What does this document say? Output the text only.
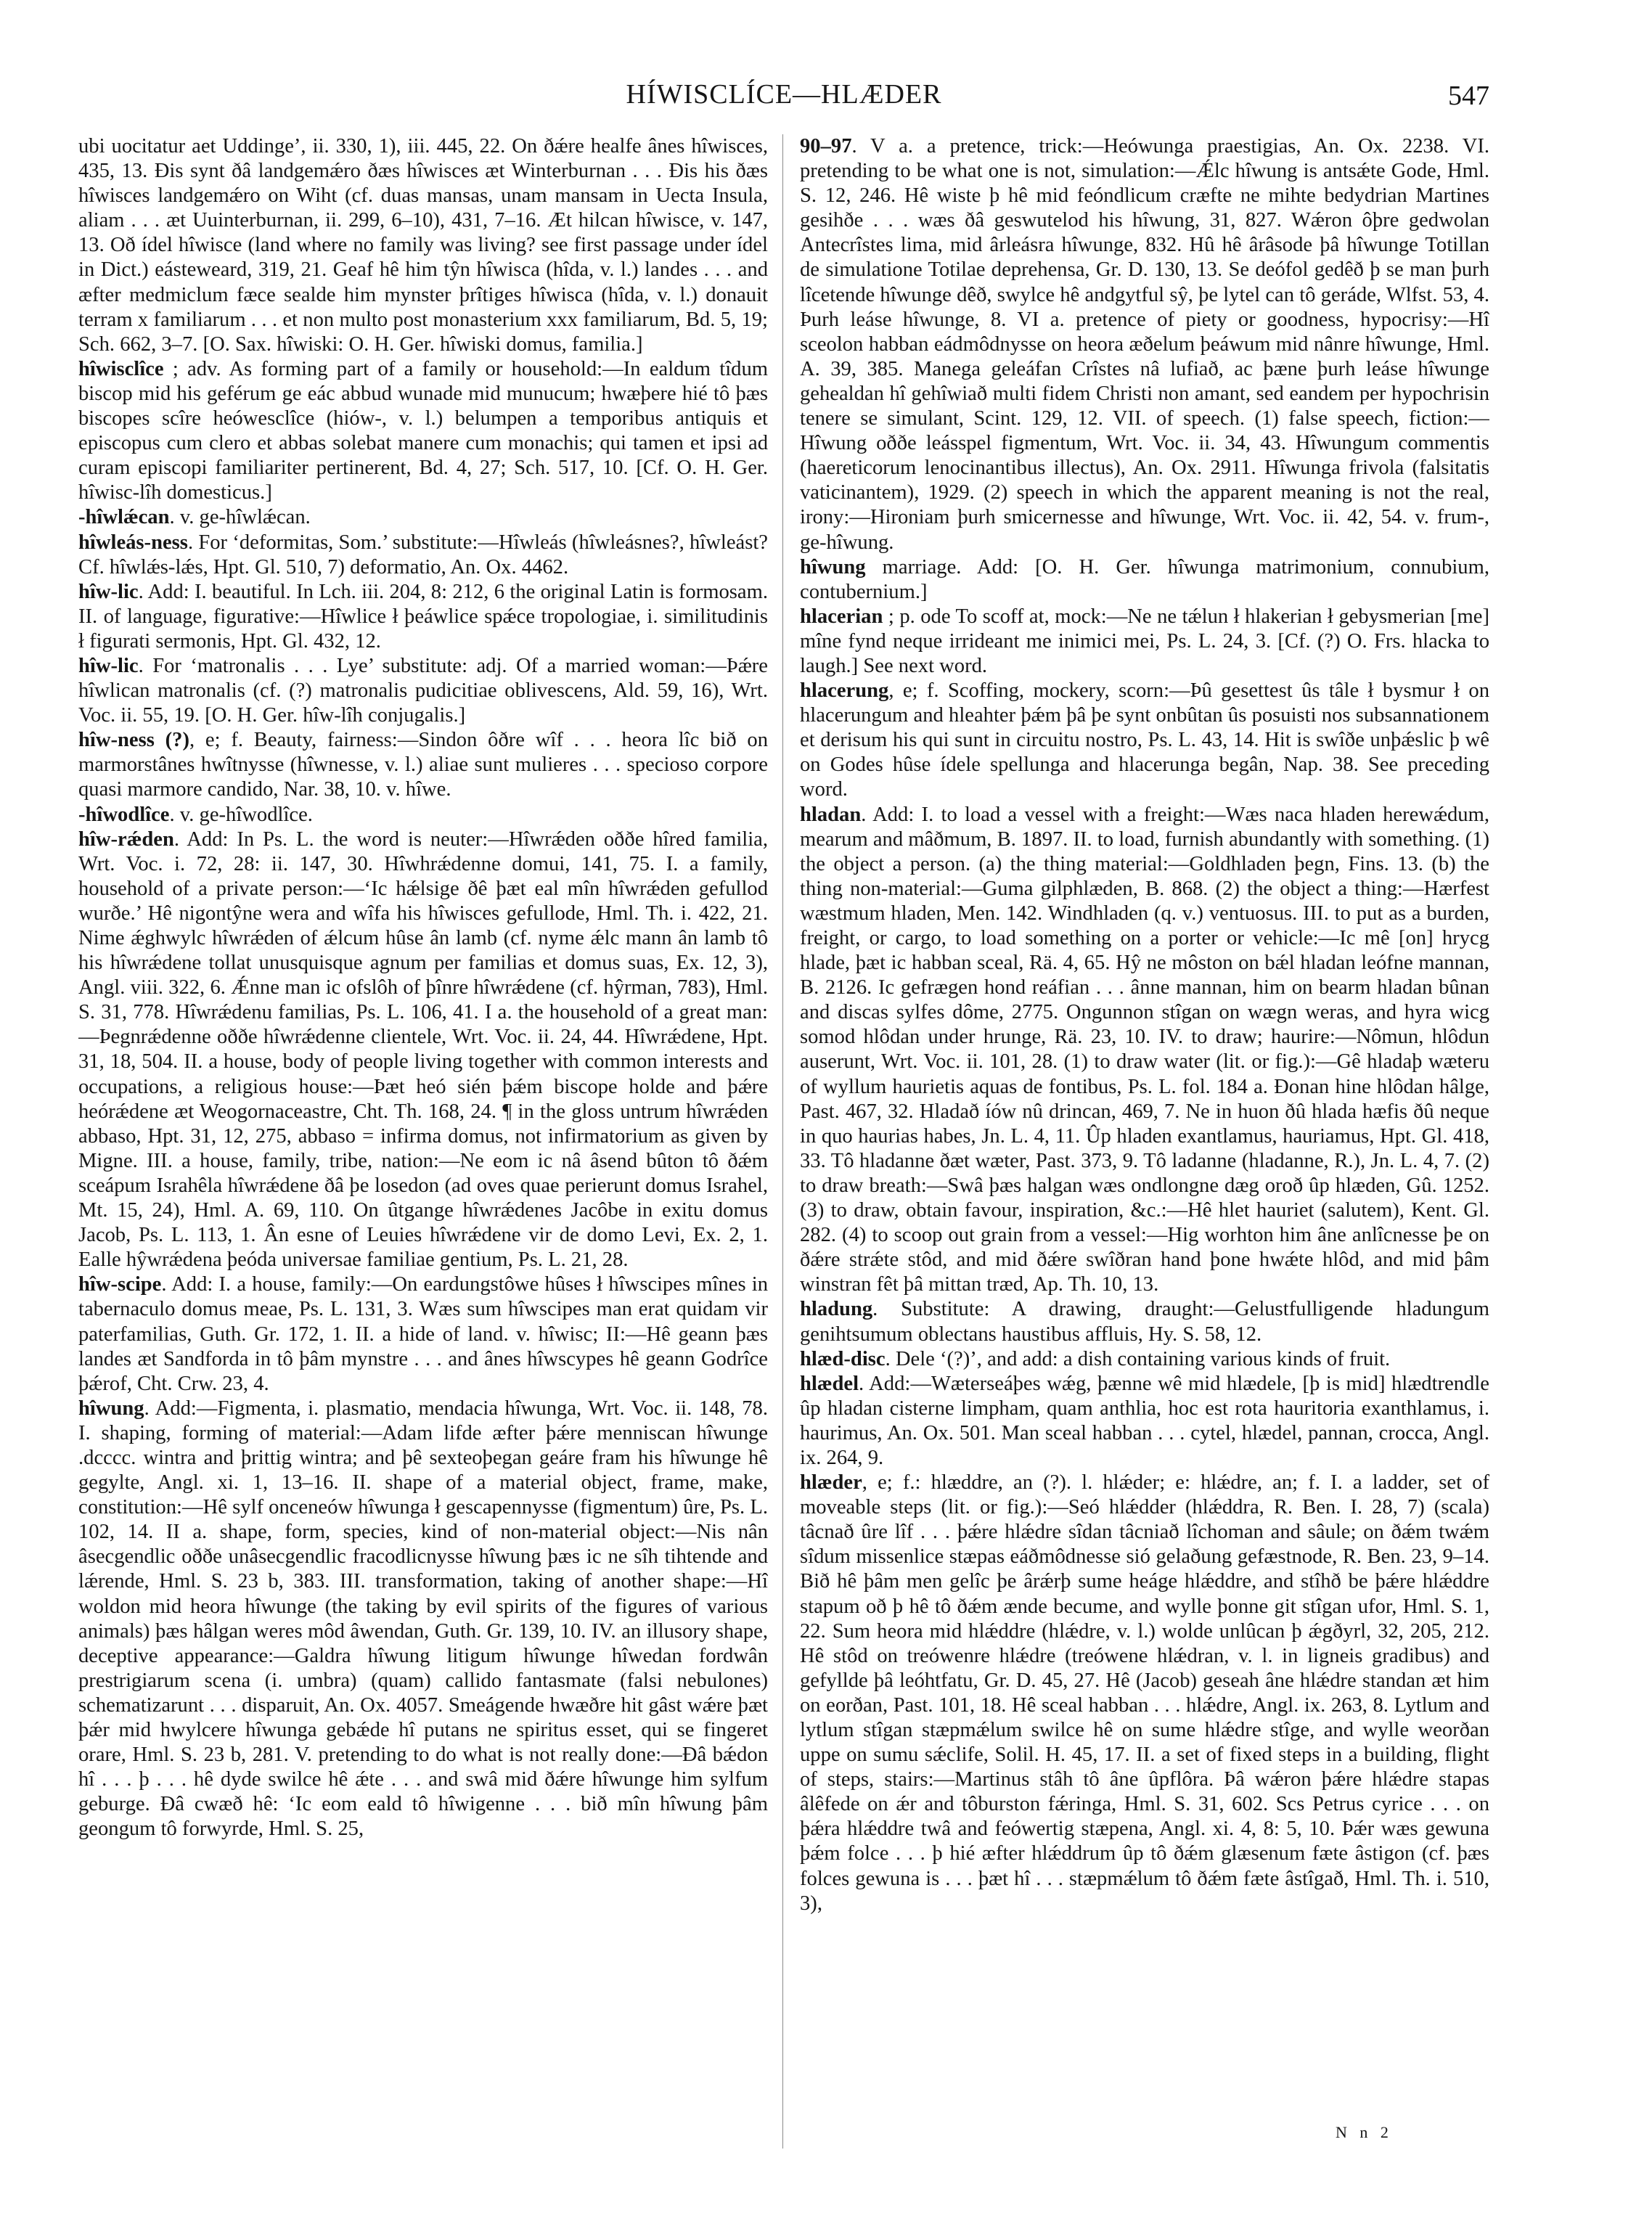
HÍWISCLÍCE—HLÆDER	547

ubi uocitatur aet Uddinge’, ii. 330, 1), iii. 445, 22. On ðǽre healfe ânes hîwisces, 435, 13. Ðis synt ðâ landgemǽro ðæs hîwisces æt Winterburnan . . . Ðis his ðæs hîwisces landgemǽro on Wiht (cf. duas mansas, unam mansam in Uecta Insula, aliam . . . æt Uuinterburnan, ii. 299, 6–10), 431, 7–16. Æt hilcan hîwisce, v. 147, 13. Oð ídel hîwisce (land where no family was living? see first passage under ídel in Dict.) eásteweard, 319, 21. Geaf hê him tŷn hîwisca (hîda, v. l.) landes . . . and æfter medmiclum fæce sealde him mynster þrîtiges hîwisca (hîda, v. l.) donauit terram x familiarum . . . et non multo post monasterium xxx familiarum, Bd. 5, 19; Sch. 662, 3–7. [O. Sax. hîwiski: O. H. Ger. hîwiski domus, familia.]

hîwisclîce ; adv. As forming part of a family or household:—In ealdum tîdum biscop mid his geférum ge eác abbud wunade mid munucum; hwæþere hié tô þæs biscopes scîre heówesclîce (hiów-, v. l.) belumpen a temporibus antiquis et episcopus cum clero et abbas solebat manere cum monachis; qui tamen et ipsi ad curam episcopi familiariter pertinerent, Bd. 4, 27; Sch. 517, 10. [Cf. O. H. Ger. hîwisc-lîh domesticus.]

-hîwlǽcan. v. ge-hîwlǽcan.

hîwleás-ness. For ‘deformitas, Som.’ substitute:—Hîwleás (hîwleásnes?, hîwleást? Cf. hîwlǽs-lǽs, Hpt. Gl. 510, 7) deformatio, An. Ox. 4462.

hîw-lic. Add: I. beautiful. In Lch. iii. 204, 8: 212, 6 the original Latin is formosam. II. of language, figurative:—Hîwlice ł þeáwlice spǽce tropologiae, i. similitudinis ł figurati sermonis, Hpt. Gl. 432, 12.

hîw-lic. For ‘matronalis . . . Lye’ substitute: adj. Of a married woman:—Þǽre hîwlican matronalis (cf. (?) matronalis pudicitiae oblivescens, Ald. 59, 16), Wrt. Voc. ii. 55, 19. [O. H. Ger. hîw-lîh conjugalis.]

hîw-ness (?), e; f. Beauty, fairness:—Sindon ôðre wîf . . . heora lîc bið on marmorstânes hwîtnysse (hîwnesse, v. l.) aliae sunt mulieres . . . specioso corpore quasi marmore candido, Nar. 38, 10. v. hîwe.

-hîwodlîce. v. ge-hîwodlîce.

hîw-rǽden. Add: In Ps. L. the word is neuter:—Hîwrǽden oððe hîred familia, Wrt. Voc. i. 72, 28: ii. 147, 30. Hîwhrǽdenne domui, 141, 75. I. a family, household of a private person:—‘Ic hǽlsige ðê þæt eal mîn hîwrǽden gefullod wurðe.’ Hê nigontŷne wera and wîfa his hîwisces gefullode, Hml. Th. i. 422, 21. Nime ǽghwylc hîwrǽden of ǽlcum hûse ân lamb (cf. nyme ǽlc mann ân lamb tô his hîwrǽdene tollat unusquisque agnum per familias et domus suas, Ex. 12, 3), Angl. viii. 322, 6. Ǽnne man ic ofslôh of þînre hîwrǽdene (cf. hŷrman, 783), Hml. S. 31, 778. Hîwrǽdenu familias, Ps. L. 106, 41. I a. the household of a great man:—Þegnrǽdenne oððe hîwrǽdenne clientele, Wrt. Voc. ii. 24, 44. Hîwrǽdene, Hpt. 31, 18, 504. II. a house, body of people living together with common interests and occupations, a religious house:—Þæt heó sién þǽm biscope holde and þǽre heórǽdene æt Weogornaceastre, Cht. Th. 168, 24. ¶ in the gloss untrum hîwrǽden abbaso, Hpt. 31, 12, 275, abbaso = infirma domus, not infirmatorium as given by Migne. III. a house, family, tribe, nation:—Ne eom ic nâ âsend bûton tô ðǽm sceápum Israhêla hîwrǽdene ðâ þe losedon (ad oves quae perierunt domus Israhel, Mt. 15, 24), Hml. A. 69, 110. On ûtgange hîwrǽdenes Jacôbe in exitu domus Jacob, Ps. L. 113, 1. Ân esne of Leuies hîwrǽdene vir de domo Levi, Ex. 2, 1. Ealle hŷwrǽdena þeóda universae familiae gentium, Ps. L. 21, 28.

hîw-scipe. Add: I. a house, family:—On eardungstôwe hûses ł hîwscipes mînes in tabernaculo domus meae, Ps. L. 131, 3. Wæs sum hîwscipes man erat quidam vir paterfamilias, Guth. Gr. 172, 1. II. a hide of land. v. hîwisc; II:—Hê geann þæs landes æt Sandforda in tô þâm mynstre . . . and ânes hîwscypes hê geann Godrîce þǽrof, Cht. Crw. 23, 4.

hîwung. Add:—Figmenta, i. plasmatio, mendacia hîwunga, Wrt. Voc. ii. 148, 78. I. shaping, forming of material:—Adam lifde æfter þǽre menniscan hîwunge .dcccc. wintra and þrittig wintra; and þê sexteoþegan geáre fram his hîwunge hê gegylte, Angl. xi. 1, 13–16. II. shape of a material object, frame, make, constitution:—Hê sylf onceneów hîwunga ł gescapennysse (figmentum) ûre, Ps. L. 102, 14. II a. shape, form, species, kind of non-material object:—Nis nân âsecgendlic oððe unâsecgendlic fracodlicnysse hîwung þæs ic ne sîh tihtende and lǽrende, Hml. S. 23 b, 383. III. transformation, taking of another shape:—Hî woldon mid heora hîwunge (the taking by evil spirits of the figures of various animals) þæs hâlgan weres môd âwendan, Guth. Gr. 139, 10. IV. an illusory shape, deceptive appearance:—Galdra hîwung litigum hîwunge hîwedan fordwân prestrigiarum scena (i. umbra) (quam) callido fantasmate (falsi nebulones) schematizarunt . . . disparuit, An. Ox. 4057. Smeágende hwæðre hit gâst wǽre þæt þǽr mid hwylcere hîwunga gebǽde hî putans ne spiritus esset, qui se fingeret orare, Hml. S. 23 b, 281. V. pretending to do what is not really done:—Ðâ bǽdon hî . . . þ . . . hê dyde swilce hê ǽte . . . and swâ mid ðǽre hîwunge him sylfum geburge. Ðâ cwæð hê: ‘Ic eom eald tô hîwigenne . . . bið mîn hîwung þâm geongum tô forwyrde, Hml. S. 25,

90–97. V a. a pretence, trick:—Heówunga praestigias, An. Ox. 2238. VI. pretending to be what one is not, simulation:—Ǽlc hîwung is antsǽte Gode, Hml. S. 12, 246. Hê wiste þ hê mid feóndlicum cræfte ne mihte bedydrian Martines gesihðe . . . wæs ðâ geswutelod his hîwung, 31, 827. Wǽron ôþre gedwolan Antecrîstes lima, mid ârleásra hîwunge, 832. Hû hê ârâsode þâ hîwunge Totillan de simulatione Totilae deprehensa, Gr. D. 130, 13. Se deófol gedêð þ se man þurh lîcetende hîwunge dêð, swylce hê andgytful sŷ, þe lytel can tô geráde, Wlfst. 53, 4. Þurh leáse hîwunge, 8. VI a. pretence of piety or goodness, hypocrisy:—Hî sceolon habban eádmôdnysse on heora æðelum þeáwum mid nânre hîwunge, Hml. A. 39, 385. Manega geleáfan Crîstes nâ lufiað, ac þæne þurh leáse hîwunge gehealdan hî gehîwiað multi fidem Christi non amant, sed eandem per hypochrisin tenere se simulant, Scint. 129, 12. VII. of speech. (1) false speech, fiction:—Hîwung oððe leásspel figmentum, Wrt. Voc. ii. 34, 43. Hîwungum commentis (haereticorum lenocinantibus illectus), An. Ox. 2911. Hîwunga frivola (falsitatis vaticinantem), 1929. (2) speech in which the apparent meaning is not the real, irony:—Hironiam þurh smicernesse and hîwunge, Wrt. Voc. ii. 42, 54. v. frum-, ge-hîwung.

hîwung marriage. Add: [O. H. Ger. hîwunga matrimonium, connubium, contubernium.]

hlacerian ; p. ode To scoff at, mock:—Ne ne tǽlun ł hlakerian ł gebysmerian [me] mîne fynd neque irrideant me inimici mei, Ps. L. 24, 3. [Cf. (?) O. Frs. hlacka to laugh.] See next word.

hlacerung, e; f. Scoffing, mockery, scorn:—Þû gesettest ûs tâle ł bysmur ł on hlacerungum and hleahter þǽm þâ þe synt onbûtan ûs posuisti nos subsannationem et derisum his qui sunt in circuitu nostro, Ps. L. 43, 14. Hit is swîðe unþǽslic þ wê on Godes hûse ídele spellunga and hlacerunga begân, Nap. 38. See preceding word.

hladan. Add: I. to load a vessel with a freight:—Wæs naca hladen herewǽdum, mearum and mâðmum, B. 1897. II. to load, furnish abundantly with something. (1) the object a person. (a) the thing material:—Goldhladen þegn, Fins. 13. (b) the thing non-material:—Guma gilphlæden, B. 868. (2) the object a thing:—Hærfest wæstmum hladen, Men. 142. Windhladen (q. v.) ventuosus. III. to put as a burden, freight, or cargo, to load something on a porter or vehicle:—Ic mê [on] hrycg hlade, þæt ic habban sceal, Rä. 4, 65. Hŷ ne môston on bǽl hladan leófne mannan, B. 2126. Ic gefrægen hond reáfian . . . ânne mannan, him on bearm hladan bûnan and discas sylfes dôme, 2775. Ongunnon stîgan on wægn weras, and hyra wicg somod hlôdan under hrunge, Rä. 23, 10. IV. to draw; haurire:—Nômun, hlôdun auserunt, Wrt. Voc. ii. 101, 28. (1) to draw water (lit. or fig.):—Gê hladaþ wæteru of wyllum haurietis aquas de fontibus, Ps. L. fol. 184 a. Ðonan hine hlôdan hâlge, Past. 467, 32. Hladað íów nû drincan, 469, 7. Ne in huon ðû hlada hæfis ðû neque in quo haurias habes, Jn. L. 4, 11. Ûp hladen exantlamus, hauriamus, Hpt. Gl. 418, 33. Tô hladanne ðæt wæter, Past. 373, 9. Tô ladanne (hladanne, R.), Jn. L. 4, 7. (2) to draw breath:—Swâ þæs halgan wæs ondlongne dæg oroð ûp hlæden, Gû. 1252. (3) to draw, obtain favour, inspiration, &c.:—Hê hlet hauriet (salutem), Kent. Gl. 282. (4) to scoop out grain from a vessel:—Hig worhton him âne anlîcnesse þe on ðǽre strǽte stôd, and mid ðǽre swîðran hand þone hwǽte hlôd, and mid þâm winstran fêt þâ mittan træd, Ap. Th. 10, 13.

hladung. Substitute: A drawing, draught:—Gelustfulligende hladungum genihtsumum oblectans haustibus affluis, Hy. S. 58, 12.

hlæd-disc. Dele ‘(?)’, and add: a dish containing various kinds of fruit.

hlædel. Add:—Wæterseáþes wǽg, þænne wê mid hlædele, [þ is mid] hlædtrendle ûp hladan cisterne limpham, quam anthlia, hoc est rota hauritoria exanthlamus, i. haurimus, An. Ox. 501. Man sceal habban . . . cytel, hlædel, pannan, crocca, Angl. ix. 264, 9.

hlæder, e; f.: hlæddre, an (?). l. hlǽder; e: hlǽdre, an; f. I. a ladder, set of moveable steps (lit. or fig.):—Seó hlǽdder (hlǽddra, R. Ben. I. 28, 7) (scala) tâcnað ûre lîf . . . þǽre hlǽdre sîdan tâcniað lîchoman and sâule; on ðǽm twǽm sîdum missenlice stæpas eáðmôdnesse sió gelaðung gefæstnode, R. Ben. 23, 9–14. Bið hê þâm men gelîc þe ârǽrþ sume heáge hlǽddre, and stîhð be þǽre hlǽddre stapum oð þ hê tô ðǽm ænde becume, and wylle þonne git stîgan ufor, Hml. S. 1, 22. Sum heora mid hlǽddre (hlǽdre, v. l.) wolde unlûcan þ ǽgðyrl, 32, 205, 212. Hê stôd on treówenre hlǽdre (treówene hlǽdran, v. l. in ligneis gradibus) and gefyllde þâ leóhtfatu, Gr. D. 45, 27. Hê (Jacob) geseah âne hlǽdre standan æt him on eorðan, Past. 101, 18. Hê sceal habban . . . hlǽdre, Angl. ix. 263, 8. Lytlum and lytlum stîgan stæpmǽlum swilce hê on sume hlǽdre stîge, and wylle weorðan uppe on sumu sǽclife, Solil. H. 45, 17. II. a set of fixed steps in a building, flight of steps, stairs:—Martinus stâh tô âne ûpflôra. Þâ wǽron þǽre hlǽdre stapas âlêfede on ǽr and tôburston fǽringa, Hml. S. 31, 602. Scs Petrus cyrice . . . on þǽra hlǽddre twâ and feówertig stæpena, Angl. xi. 4, 8: 5, 10. Þǽr wæs gewuna þǽm folce . . . þ hié æfter hlǽddrum ûp tô ðǽm glæsenum fæte âstigon (cf. þæs folces gewuna is . . . þæt hî . . . stæpmǽlum tô ðǽm fæte âstîgað, Hml. Th. i. 510, 3),

N n 2
